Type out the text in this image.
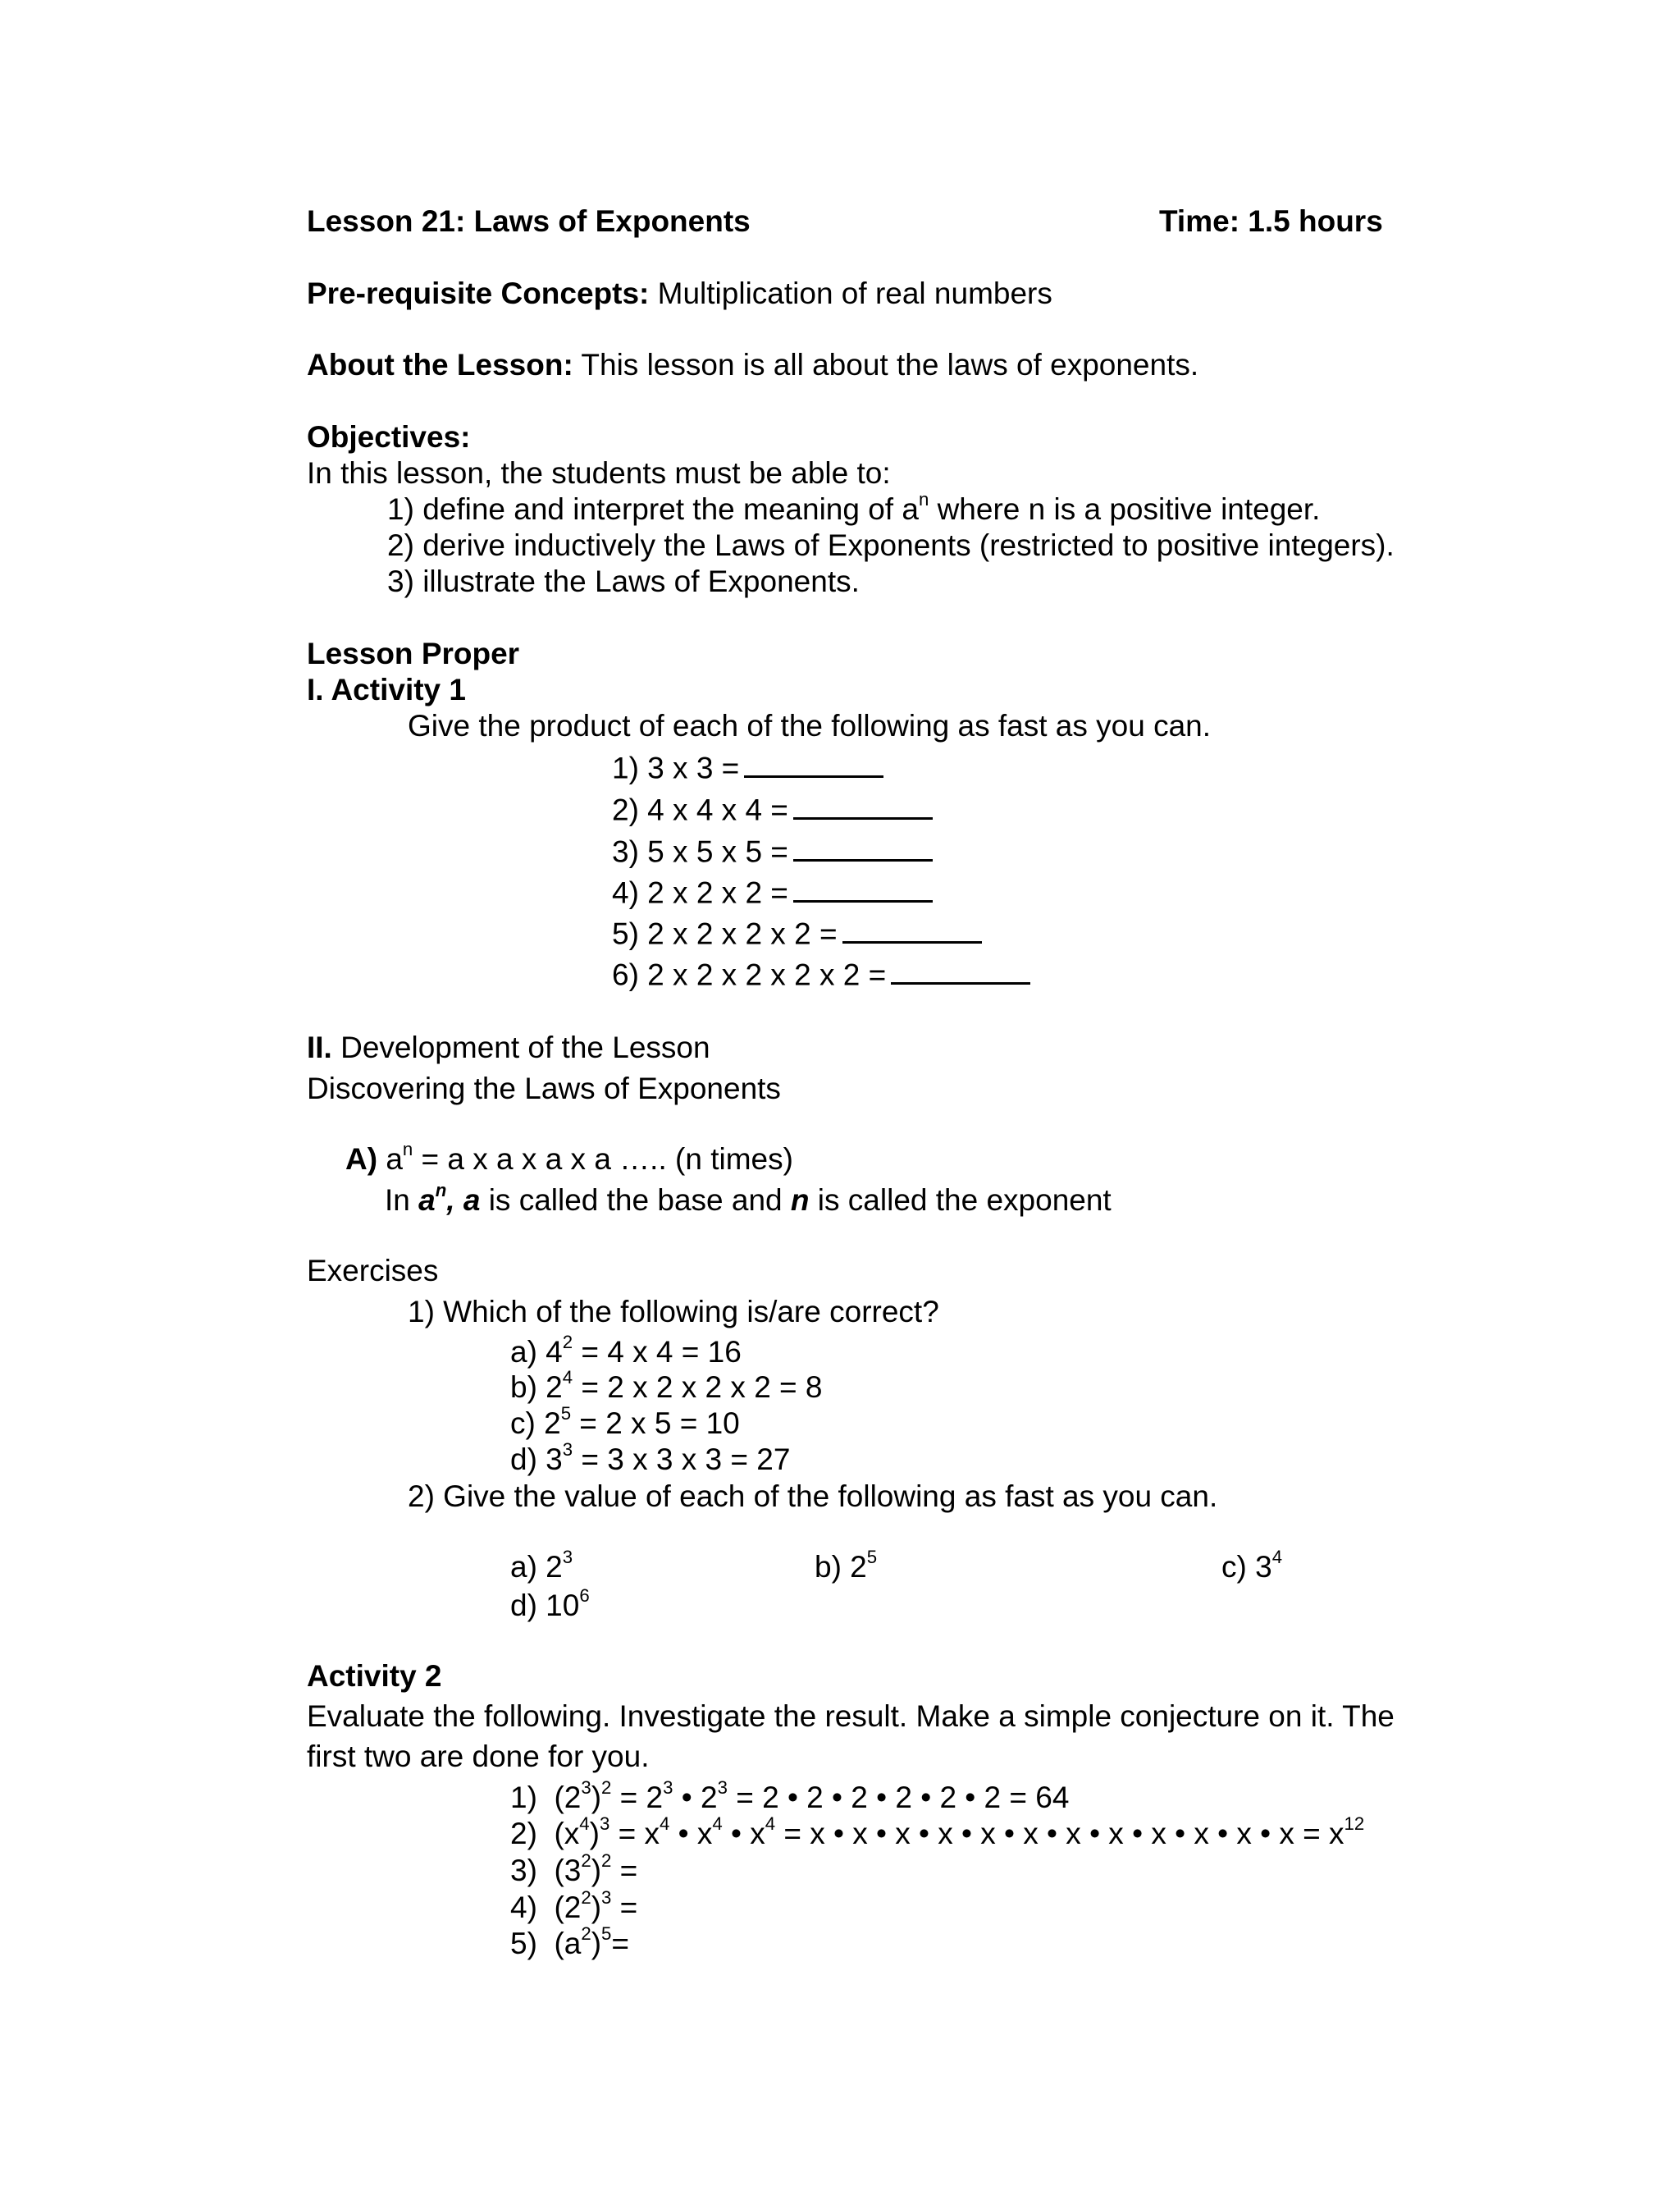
Lesson 21: Laws of Exponents	Time: 1.5 hours
Pre-requisite Concepts: Multiplication of real numbers
About the Lesson: This lesson is all about the laws of exponents.
Objectives:
In this lesson, the students must be able to:
1) define and interpret the meaning of $a^n$ where n is a positive integer.
2) derive inductively the Laws of Exponents (restricted to positive integers).
3) illustrate the Laws of Exponents.
Lesson Proper
I. Activity 1
Give the product of each of the following as fast as you can.
1) 3 x 3 =
2) 4 x 4 x 4 =
3) 5 x 5 x 5 =
4) 2 x 2 x 2 =
5) 2 x 2 x 2 x 2 =
6) 2 x 2 x 2 x 2 x 2 =
II. Development of the Lesson
Discovering the Laws of Exponents
A) $a^n = a$ x a x a x a ….. (n times)
In $a^n$, a is called the base and n is called the exponent
Exercises
1) Which of the following is/are correct?
a) $4^2 = 4$ x 4 = 16
b) $2^4 = 2$ x 2 x 2 x 2 = 8
c) $2^5 = 2$ x 5 = 10
d) $3^3 = 3$ x 3 x 3 = 27
2) Give the value of each of the following as fast as you can.
a) $2^3$	b) $2^5$	c) $3^4$
d) $10^6$
Activity 2
Evaluate the following. Investigate the result. Make a simple conjecture on it. The
first two are done for you.
1) $(2^3)^2 = 2^3$ • $2^3 = 2$ • 2 • 2 • 2 • 2 • 2 = 64
2) $(x^4)^3 = x^4$ • $x^4$ • $x^4 = x$ • x • x • x • x • x • x • x • x • x • x • $x = x^{12}$
3) $(3^2)^2$ =
4) $(2^2)^3$ =
5) $(a^2)^5=$
